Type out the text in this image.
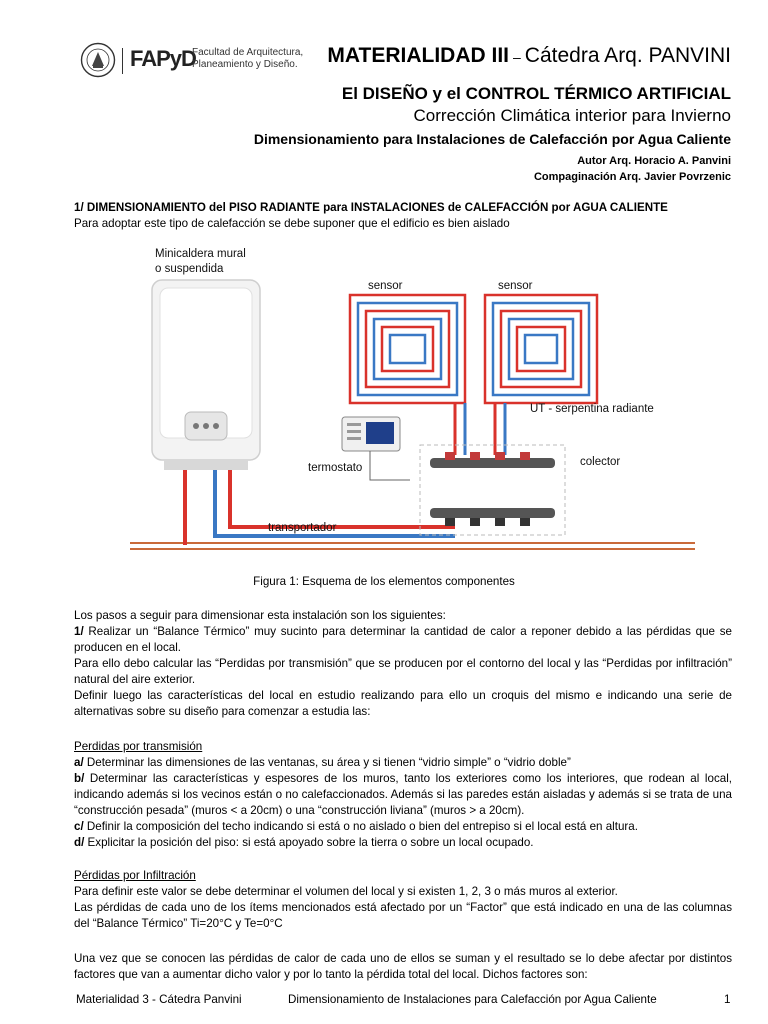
FAPyD
Facultad de Arquitectura,
Planeamiento y Diseño. MATERIALIDAD III – Cátedra Arq. PANVINI
El DISEÑO y el CONTROL TÉRMICO ARTIFICIAL
Corrección Climática interior para Invierno
Dimensionamiento para Instalaciones de Calefacción por Agua Caliente
Autor Arq. Horacio A. Panvini
Compaginación Arq. Javier Povrzenic
1/ DIMENSIONAMIENTO del PISO RADIANTE para INSTALACIONES de CALEFACCIÓN por AGUA CALIENTE
Para adoptar este tipo de calefacción se debe suponer que el edificio es bien aislado
Minicaldera mural
o suspendida
sensor	sensor
UT - serpentina radiante
termostato	colector
transportador
Figura 1: Esquema de los elementos componentes
Los pasos a seguir para dimensionar esta instalación son los siguientes:
1/ Realizar un “Balance Térmico” muy sucinto para determinar la cantidad de calor a reponer debido a las pérdidas que se producen en el local.
Para ello debo calcular las “Perdidas por transmisión” que se producen por el contorno del local y las “Perdidas por infiltración” natural del aire exterior.
Definir luego las características del local en estudio realizando para ello un croquis del mismo e indicando una serie de alternativas sobre su diseño para comenzar a estudia las:
Perdidas por transmisión
a/ Determinar las dimensiones de las ventanas, su área y si tienen “vidrio simple” o “vidrio doble”
b/ Determinar las características y espesores de los muros, tanto los exteriores como los interiores, que rodean al local, indicando además si los vecinos están o no calefaccionados. Además si las paredes están aisladas y además si se trata de una “construcción pesada” (muros < a 20cm) o una “construcción liviana” (muros > a 20cm).
c/ Definir la composición del techo indicando si está o no aislado o bien del entrepiso si el local está en altura.
d/ Explicitar la posición del piso: si está apoyado sobre la tierra o sobre un local ocupado.
Pérdidas por Infiltración
Para definir este valor se debe determinar el volumen del local y si existen 1, 2, 3 o más muros al exterior.
Las pérdidas de cada uno de los ítems mencionados está afectado por un “Factor” que está indicado en una de las columnas del “Balance Térmico” Ti=20°C y Te=0°C
Una vez que se conocen las pérdidas de calor de cada uno de ellos se suman y el resultado se lo debe afectar por distintos factores que van a aumentar dicho valor y por lo tanto la pérdida total del local. Dichos factores son:
Materialidad 3 - Cátedra Panvini	Dimensionamiento de Instalaciones para Calefacción por Agua Caliente	1
